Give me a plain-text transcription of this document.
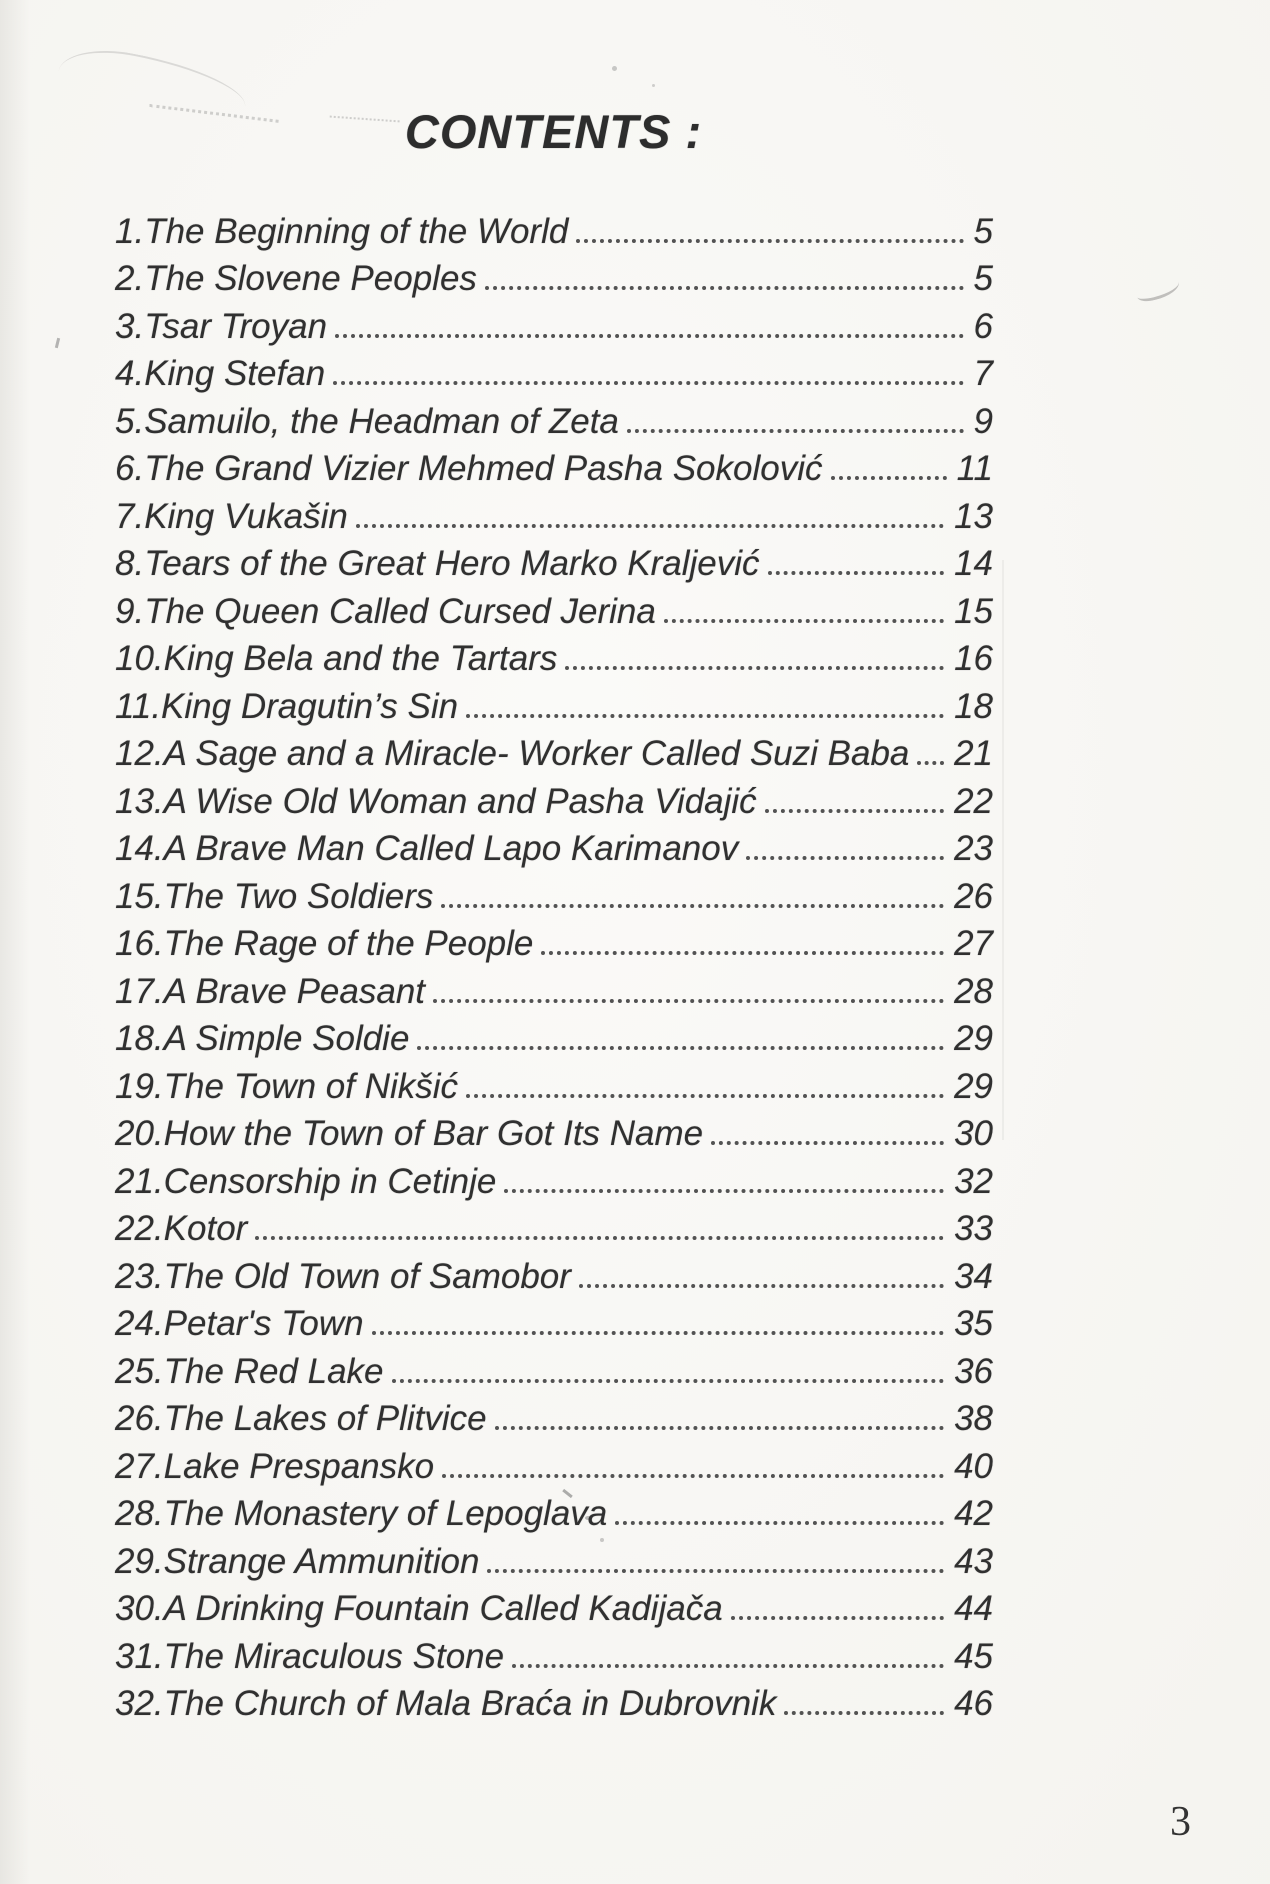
CONTENTS :
1.The Beginning of the World	5
2.The Slovene Peoples	5
3.Tsar Troyan	6
4.King Stefan	7
5.Samuilo, the Headman of Zeta	9
6.The Grand Vizier Mehmed Pasha Sokolović	11
7.King Vukašin	13
8.Tears of the Great Hero Marko Kraljević	14
9.The Queen Called Cursed Jerina	15
10.King Bela and the Tartars	16
11.King Dragutin’s Sin	18
12.A Sage and a Miracle- Worker Called Suzi Baba 21
13.A Wise Old Woman and Pasha Vidajić	22
14.A Brave Man Called Lapo Karimanov	23
15.The Two Soldiers	26
16.The Rage of the People	27
17.A Brave Peasant	28
18.A Simple Soldie	29
19.The Town of Nikšić	29
20.How the Town of Bar Got Its Name	30
21.Censorship in Cetinje	32
22.Kotor	33
23.The Old Town of Samobor	34
24.Petar's Town	35
25.The Red Lake	36
26.The Lakes of Plitvice	38
27.Lake Prespansko	40
28.The Monastery of Lepoglava	42
29.Strange Ammunition	43
30.A Drinking Fountain Called Kadijača	44
31.The Miraculous Stone	45
32.The Church of Mala Braća in Dubrovnik	46
3
